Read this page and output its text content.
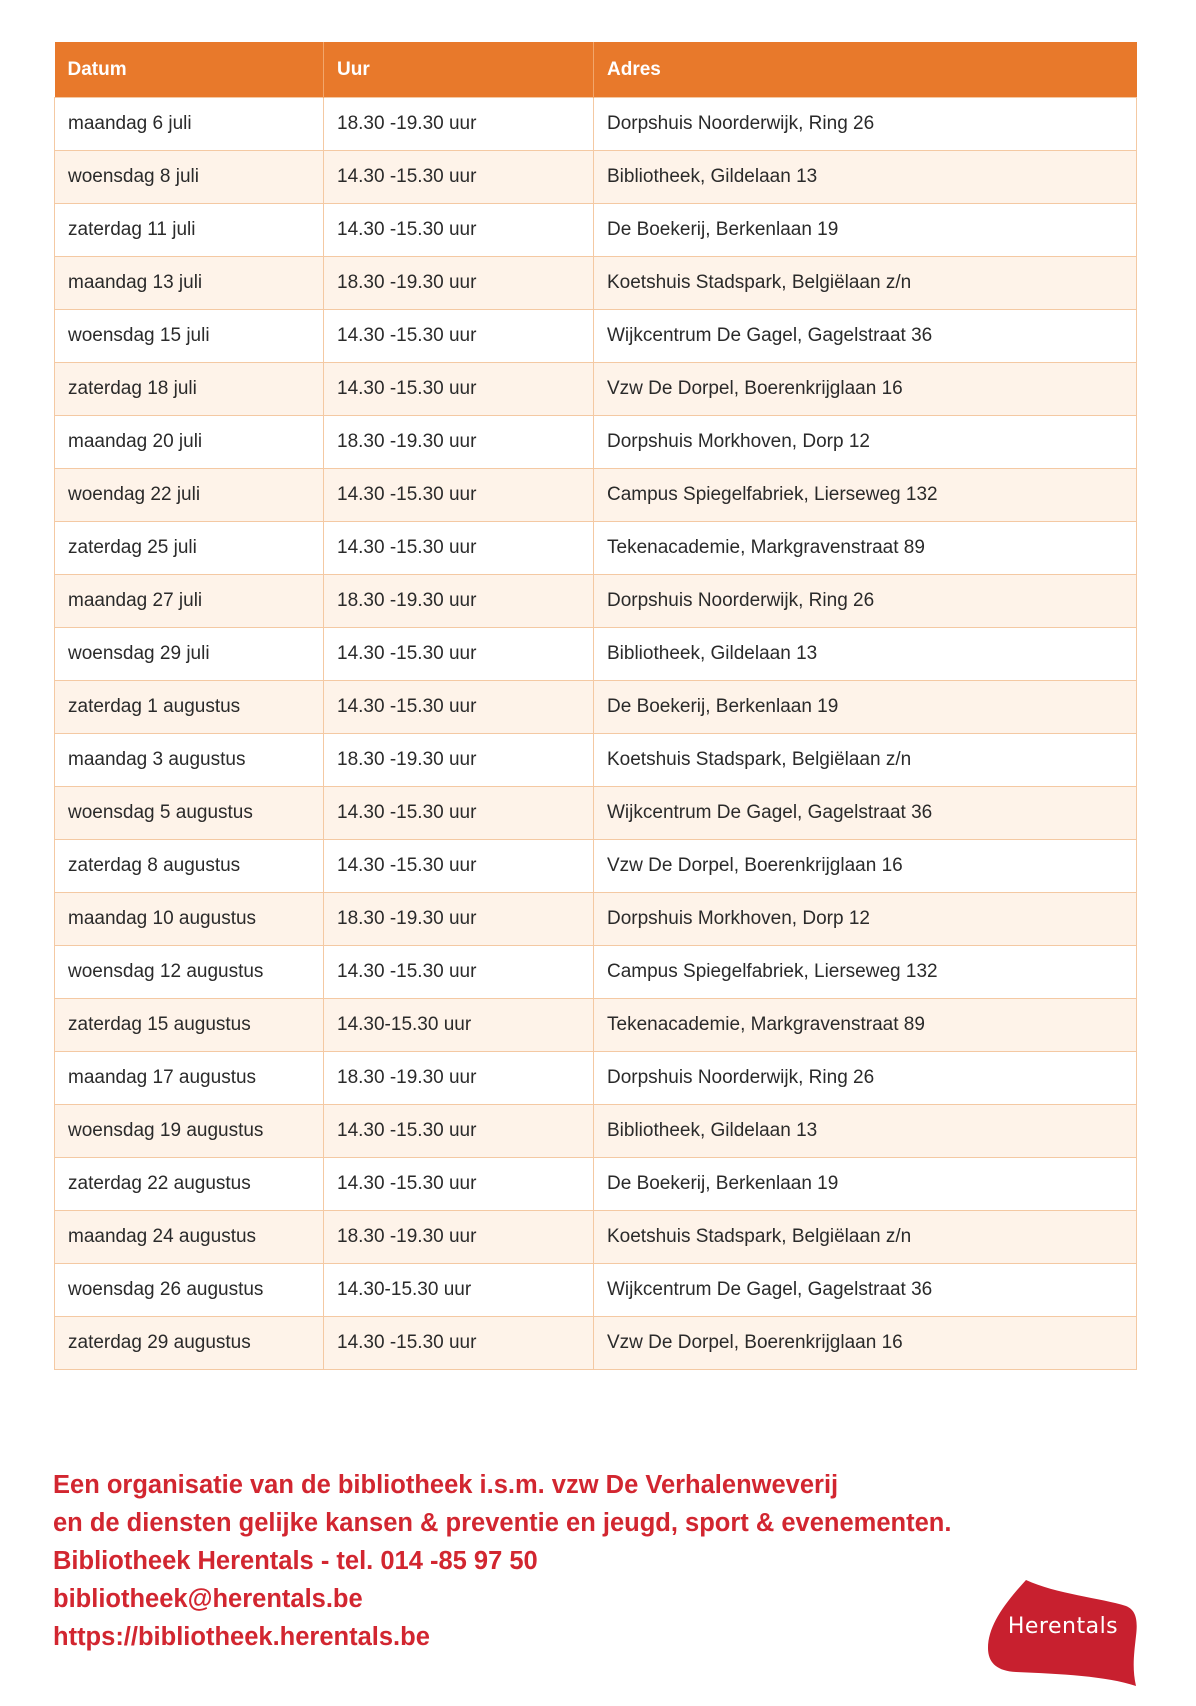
Datum	Uur	Adres
maandag 6 juli	18.30 -19.30 uur	Dorpshuis Noorderwijk, Ring 26
woensdag 8 juli	14.30 -15.30 uur	Bibliotheek, Gildelaan 13
zaterdag 11 juli	14.30 -15.30 uur	De Boekerij, Berkenlaan 19
maandag 13 juli	18.30 -19.30 uur	Koetshuis Stadspark, Belgiëlaan z/n
woensdag 15 juli	14.30 -15.30 uur	Wijkcentrum De Gagel, Gagelstraat 36
zaterdag 18 juli	14.30 -15.30 uur	Vzw De Dorpel, Boerenkrijglaan 16
maandag 20 juli	18.30 -19.30 uur	Dorpshuis Morkhoven, Dorp 12
woendag 22 juli	14.30 -15.30 uur	Campus Spiegelfabriek, Lierseweg 132
zaterdag 25 juli	14.30 -15.30 uur	Tekenacademie, Markgravenstraat 89
maandag 27 juli	18.30 -19.30 uur	Dorpshuis Noorderwijk, Ring 26
woensdag 29 juli	14.30 -15.30 uur	Bibliotheek, Gildelaan 13
zaterdag 1 augustus	14.30 -15.30 uur	De Boekerij, Berkenlaan 19
maandag 3 augustus	18.30 -19.30 uur	Koetshuis Stadspark, Belgiëlaan z/n
woensdag 5 augustus	14.30 -15.30 uur	Wijkcentrum De Gagel, Gagelstraat 36
zaterdag 8 augustus	14.30 -15.30 uur	Vzw De Dorpel, Boerenkrijglaan 16
maandag 10 augustus	18.30 -19.30 uur	Dorpshuis Morkhoven, Dorp 12
woensdag 12 augustus	14.30 -15.30 uur	Campus Spiegelfabriek, Lierseweg 132
zaterdag 15 augustus	14.30-15.30 uur	Tekenacademie, Markgravenstraat 89
maandag 17 augustus	18.30 -19.30 uur	Dorpshuis Noorderwijk, Ring 26
woensdag 19 augustus	14.30 -15.30 uur	Bibliotheek, Gildelaan 13
zaterdag 22 augustus	14.30 -15.30 uur	De Boekerij, Berkenlaan 19
maandag 24 augustus	18.30 -19.30 uur	Koetshuis Stadspark, Belgiëlaan z/n
woensdag 26 augustus	14.30-15.30 uur	Wijkcentrum De Gagel, Gagelstraat 36
zaterdag 29 augustus	14.30 -15.30 uur	Vzw De Dorpel, Boerenkrijglaan 16
Een organisatie van de bibliotheek i.s.m. vzw De Verhalenweverij
en de diensten gelijke kansen & preventie en jeugd, sport & evenementen.
Bibliotheek Herentals - tel. 014 -85 97 50
bibliotheek@herentals.be
https://bibliotheek.herentals.be	Herentals
